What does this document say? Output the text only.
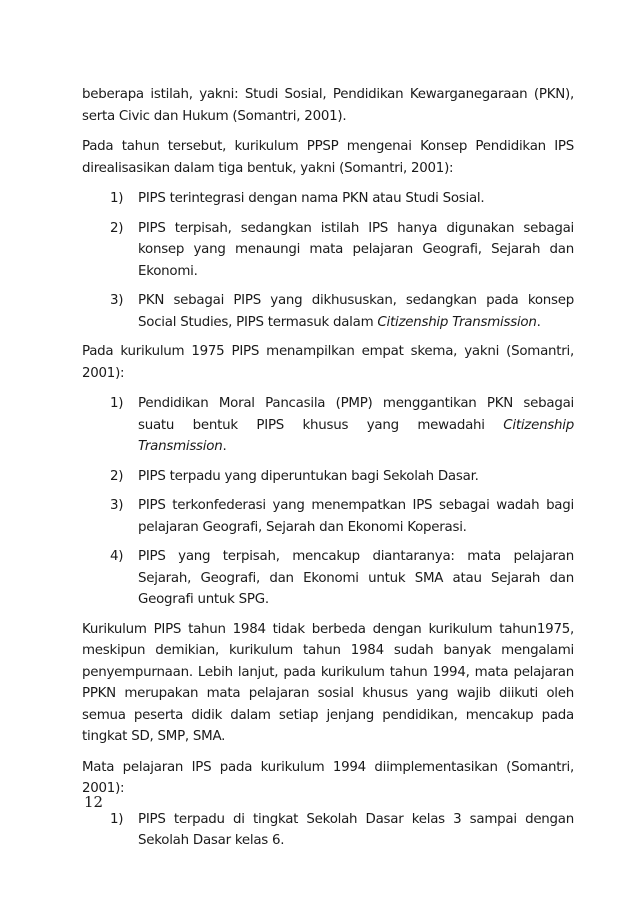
beberapa istilah, yakni: Studi Sosial, Pendidikan Kewarganegaraan (PKN), serta Civic dan Hukum (Somantri, 2001).

Pada tahun tersebut, kurikulum PPSP mengenai Konsep Pendidikan IPS direalisasikan dalam tiga bentuk, yakni (Somantri, 2001):

1) PIPS terintegrasi dengan nama PKN atau Studi Sosial.
2) PIPS terpisah, sedangkan istilah IPS hanya digunakan sebagai konsep yang menaungi mata pelajaran Geografi, Sejarah dan Ekonomi.
3) PKN sebagai PIPS yang dikhususkan, sedangkan pada konsep Social Studies, PIPS termasuk dalam Citizenship Transmission.

Pada kurikulum 1975 PIPS menampilkan empat skema, yakni (Somantri, 2001):

1) Pendidikan Moral Pancasila (PMP) menggantikan PKN sebagai suatu bentuk PIPS khusus yang mewadahi Citizenship Transmission.
2) PIPS terpadu yang diperuntukan bagi Sekolah Dasar.
3) PIPS terkonfederasi yang menempatkan IPS sebagai wadah bagi pelajaran Geografi, Sejarah dan Ekonomi Koperasi.
4) PIPS yang terpisah, mencakup diantaranya: mata pelajaran Sejarah, Geografi, dan Ekonomi untuk SMA atau Sejarah dan Geografi untuk SPG.

Kurikulum PIPS tahun 1984 tidak berbeda dengan kurikulum tahun1975, meskipun demikian, kurikulum tahun 1984 sudah banyak mengalami penyempurnaan. Lebih lanjut, pada kurikulum tahun 1994, mata pelajaran PPKN merupakan mata pelajaran sosial khusus yang wajib diikuti oleh semua peserta didik dalam setiap jenjang pendidikan, mencakup pada tingkat SD, SMP, SMA.

Mata pelajaran IPS pada kurikulum 1994 diimplementasikan (Somantri, 2001):

1) PIPS terpadu di tingkat Sekolah Dasar kelas 3 sampai dengan Sekolah Dasar kelas 6.
12
